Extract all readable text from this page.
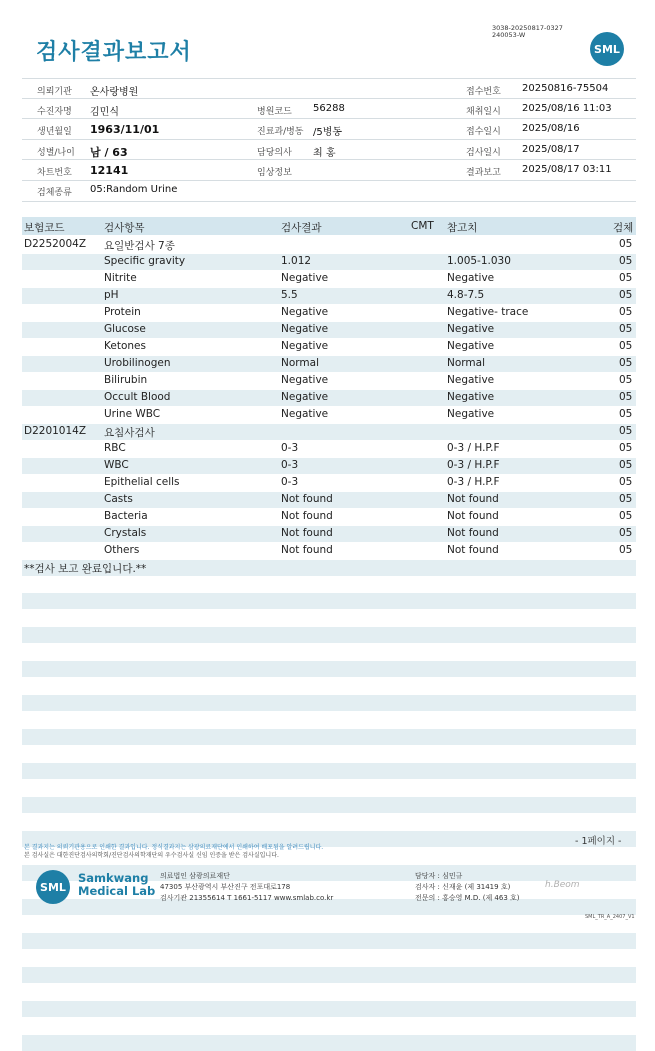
검사결과보고서
3038-20250817-0327
240053-W
SML
의뢰기관 온사랑병원
수진자명 김민식
생년월일 1963/11/01
성별/나이 남 / 63
차트번호 12141
검체종류 05:Random Urine
병원코드 56288
진료과/병동 /5병동
담당의사 최 홍
임상정보
접수번호 20250816-75504
채취일시 2025/08/16 11:03
접수일시 2025/08/16
검사일시 2025/08/17
결과보고 2025/08/17 03:11
보험코드	검사항목	검사결과	CMT 참고치	검체
D2252004Z 요일반검사 7종	05
Specific gravity	1.012	1.005-1.030	05
Nitrite	Negative	Negative	05
pH	5.5	4.8-7.5	05
Protein	Negative	Negative- trace	05
Glucose	Negative	Negative	05
Ketones	Negative	Negative	05
Urobilinogen	Normal	Normal	05
Bilirubin	Negative	Negative	05
Occult Blood	Negative	Negative	05
Urine WBC	Negative	Negative	05
D2201014Z 요침사검사	05
RBC	0-3	0-3 / H.P.F	05
WBC	0-3	0-3 / H.P.F	05
Epithelial cells	0-3	0-3 / H.P.F	05
Casts	Not found	Not found	05
Bacteria	Not found	Not found	05
Crystals	Not found	Not found	05
Others	Not found	Not found	05
**검사 보고 완료입니다.**
본 결과지는 의뢰기관용으로 인쇄한 결과입니다. 정식결과지는 삼광의료재단에서 인쇄하여 배포됨을 알려드립니다.
본 검사실은 대한진단검사의학회/진단검사의학재단의 우수검사실 신임 인증을 받은 검사실입니다.
- 1페이지 -
SML
Samkwang
Medical Lab
의료법인 삼광의료재단
47305 부산광역시 부산진구 전포대로178
검사기관 21355614 T 1661-5117 www.smlab.co.kr
담당자 : 심민규
검사자 : 신재윤 (제 31419 호)
전문의 : 홍승영 M.D. (제 463 호)
h.Beom
SML_TR_A_2407_V1
